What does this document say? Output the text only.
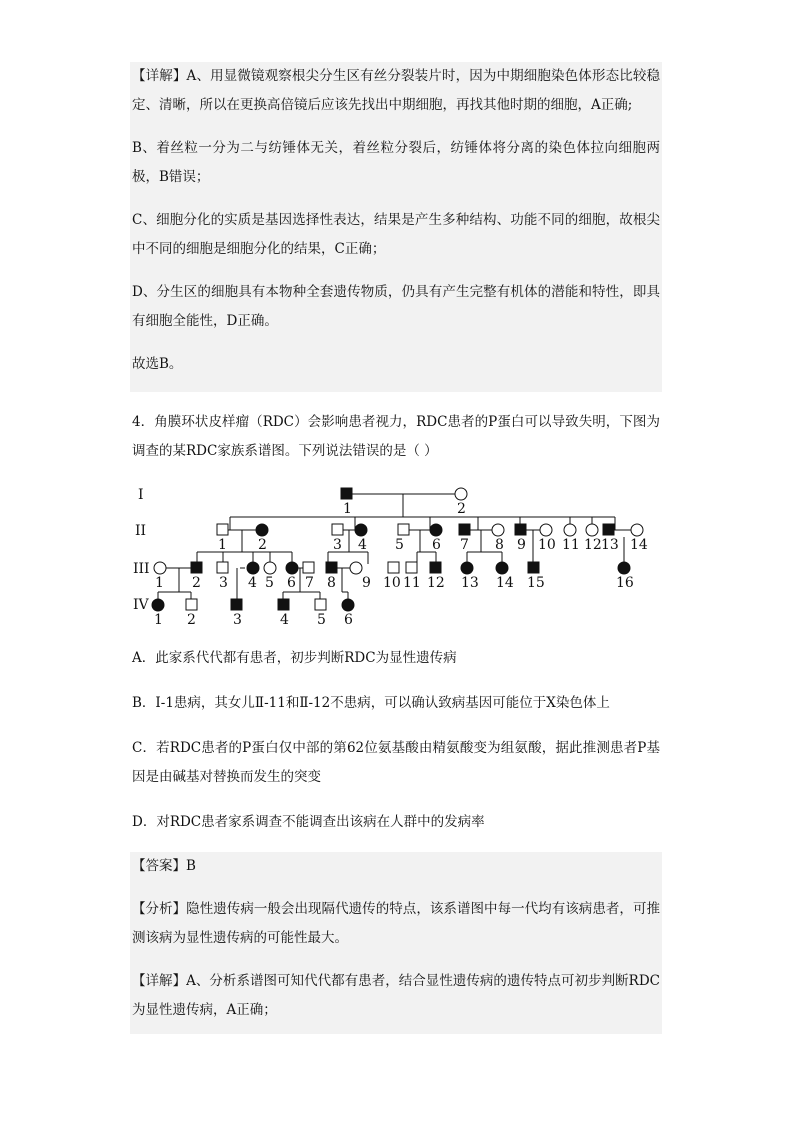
【详解】A、用显微镜观察根尖分生区有丝分裂装片时，因为中期细胞染色体形态比较稳定、清晰，所以在更换高倍镜后应该先找出中期细胞，再找其他时期的细胞，A正确;

B、着丝粒一分为二与纺锤体无关，着丝粒分裂后，纺锤体将分离的染色体拉向细胞两极，B错误；

C、细胞分化的实质是基因选择性表达，结果是产生多种结构、功能不同的细胞，故根尖中不同的细胞是细胞分化的结果，C正确；

D、分生区的细胞具有本物种全套遗传物质，仍具有产生完整有机体的潜能和特性，即具有细胞全能性，D正确。

故选B。

4．角膜环状皮样瘤（RDC）会影响患者视力，RDC患者的P蛋白可以导致失明，下图为调查的某RDC家族系谱图。下列说法错误的是（ ）

I
II
III
IV
1	2
1 2	3 4 5 6 7 8 9 10 11 12 13 14
1 2 3 4 5 6 7 8 9 10 11 12 13 14 15	16
1 2	3	4 5 6

A．此家系代代都有患者，初步判断RDC为显性遗传病

B．Ⅰ-1患病，其女儿Ⅱ-11和Ⅱ-12不患病，可以确认致病基因可能位于X染色体上

C．若RDC患者的P蛋白仅中部的第62位氨基酸由精氨酸变为组氨酸，据此推测患者P基因是由碱基对替换而发生的突变

D．对RDC患者家系调查不能调查出该病在人群中的发病率

【答案】B

【分析】隐性遗传病一般会出现隔代遗传的特点，该系谱图中每一代均有该病患者，可推测该病为显性遗传病的可能性最大。

【详解】A、分析系谱图可知代代都有患者，结合显性遗传病的遗传特点可初步判断RDC为显性遗传病，A正确；
